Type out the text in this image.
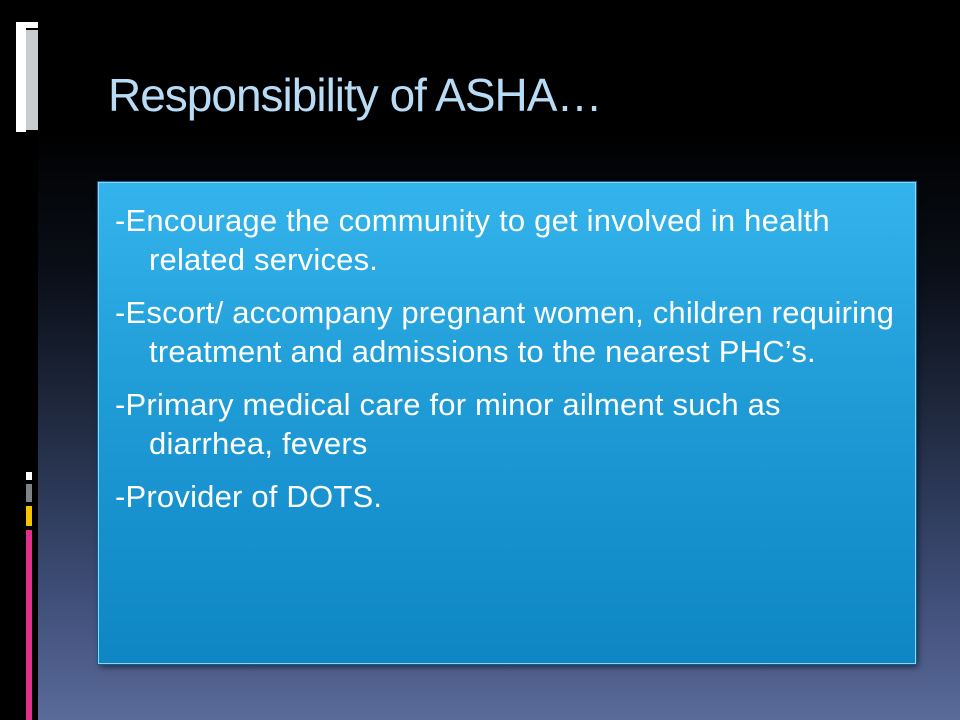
Responsibility of ASHA…
-Encourage the community to get involved in health related services.
-Escort/ accompany pregnant women, children requiring treatment and admissions to the nearest PHC’s.
-Primary medical care for minor ailment such as diarrhea, fevers
-Provider of DOTS.
